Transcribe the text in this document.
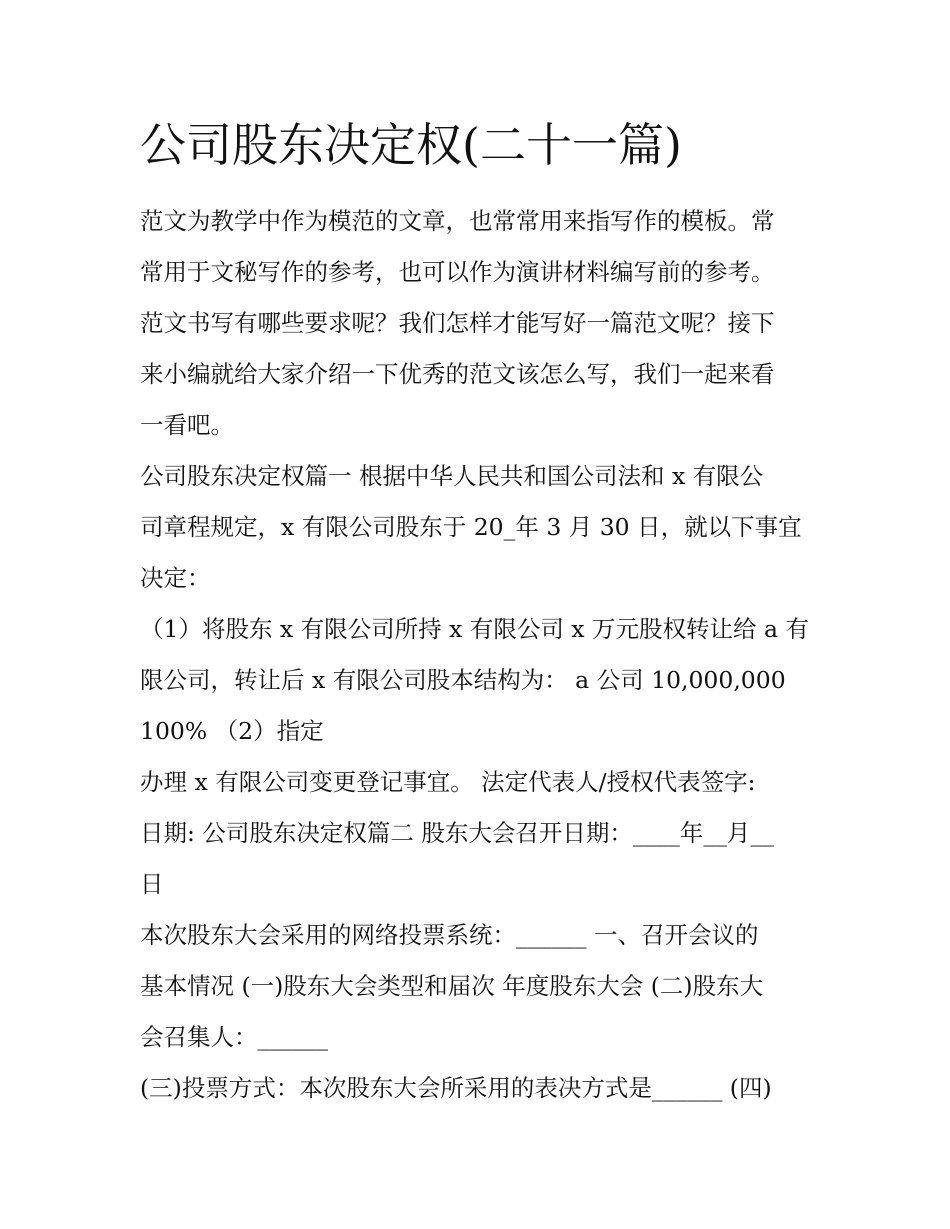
公司股东决定权(二十一篇)

范文为教学中作为模范的文章，也常常用来指写作的模板。常

常用于文秘写作的参考，也可以作为演讲材料编写前的参考。

范文书写有哪些要求呢？我们怎样才能写好一篇范文呢？接下

来小编就给大家介绍一下优秀的范文该怎么写，我们一起来看

一看吧。

公司股东决定权篇一 根据中华人民共和国公司法和 x 有限公

司章程规定，x 有限公司股东于 20_年 3 月 30 日，就以下事宜

决定：

（1）将股东 x 有限公司所持 x 有限公司 x 万元股权转让给 a 有

限公司，转让后 x 有限公司股本结构为： a 公司 10,000,000

100% （2）指定

办理 x 有限公司变更登记事宜。 法定代表人/授权代表签字:

日期: 公司股东决定权篇二 股东大会召开日期：____年__月__

日

本次股东大会采用的网络投票系统：______ 一、召开会议的

基本情况 (一)股东大会类型和届次 年度股东大会 (二)股东大

会召集人：______

(三)投票方式：本次股东大会所采用的表决方式是______ (四)
